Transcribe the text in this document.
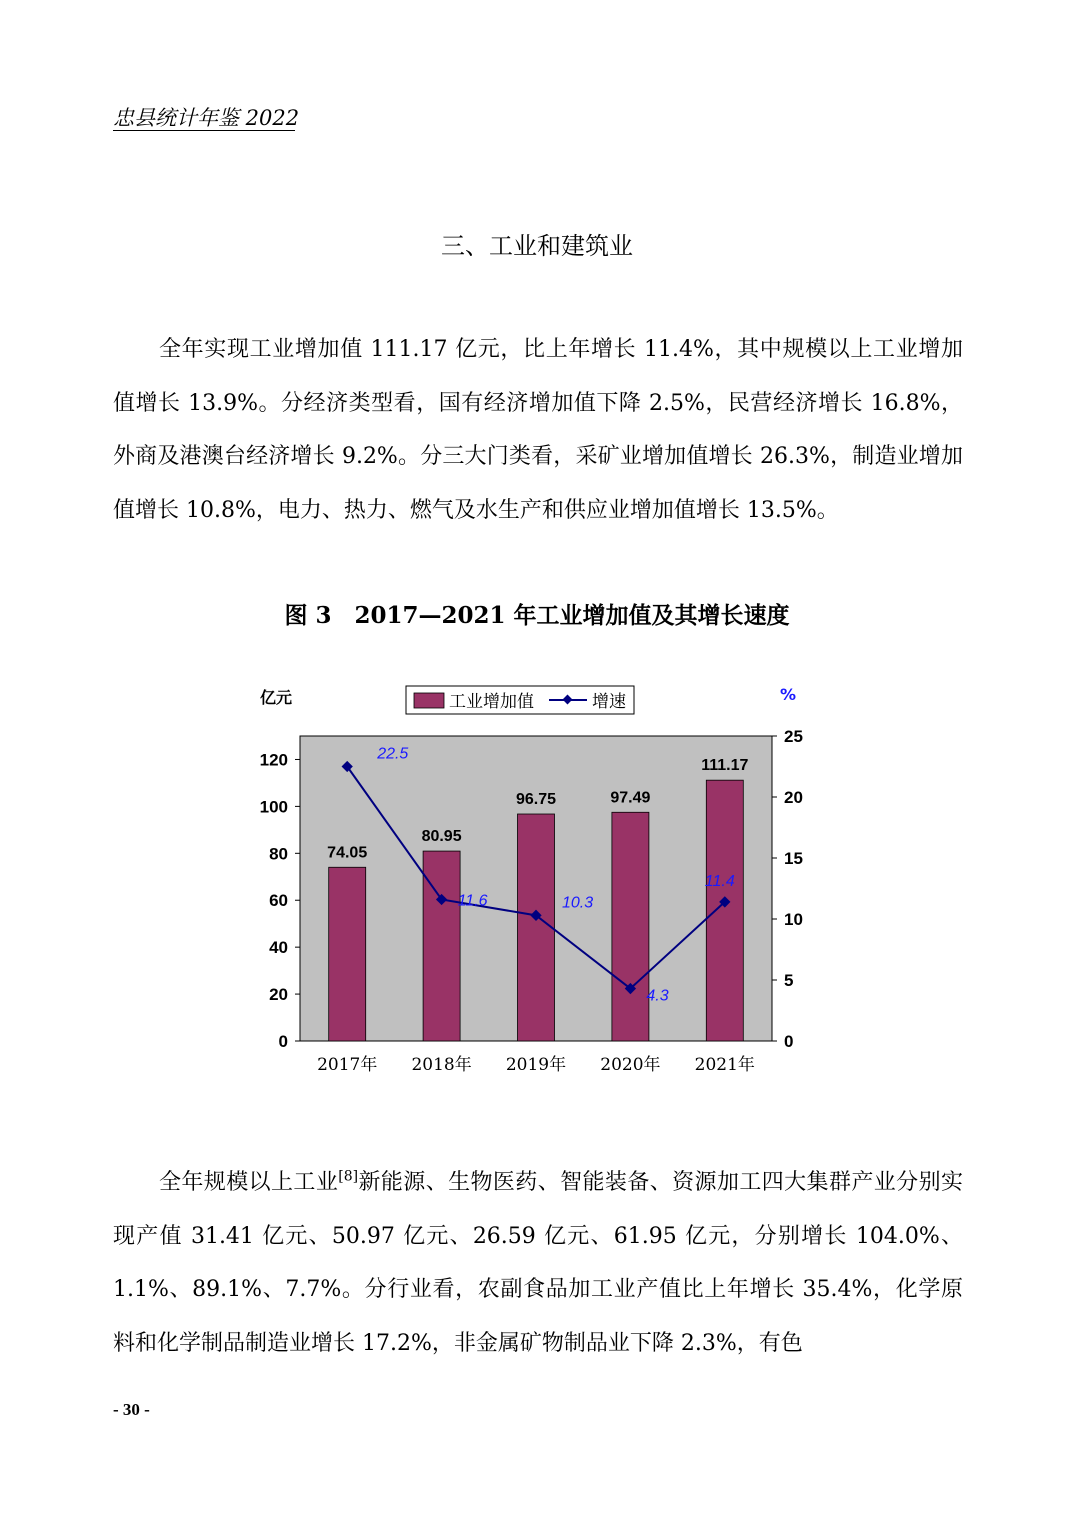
忠县统计年鉴 2022
三、工业和建筑业

全年实现工业增加值 111.17 亿元，比上年增长 11.4%，其中规模以上工业增加值增长 13.9%。分经济类型看，国有经济增加值下降 2.5%，民营经济增长 16.8%，外商及港澳台经济增长 9.2%。分三大门类看，采矿业增加值增长 26.3%，制造业增加值增长 10.8%，电力、热力、燃气及水生产和供应业增加值增长 13.5%。

图 3　2017—2021 年工业增加值及其增长速度
74.05
80.95
96.75	97.49
111.17
22.5
11.6	10.3
4.3
11.4
0
20
40
60
80
100
120
0
5
10
15
20
25
2017年 2018年 2019年 2020年 2021年
亿元	%
工业增加值	增速

全年规模以上工业[8]新能源、生物医药、智能装备、资源加工四大集群产业分别实现产值 31.41 亿元、50.97 亿元、26.59 亿元、61.95 亿元，分别增长 104.0%、1.1%、89.1%、7.7%。分行业看，农副食品加工业产值比上年增长 35.4%，化学原料和化学制品制造业增长 17.2%，非金属矿物制品业下降 2.3%，有色

- 30 -
